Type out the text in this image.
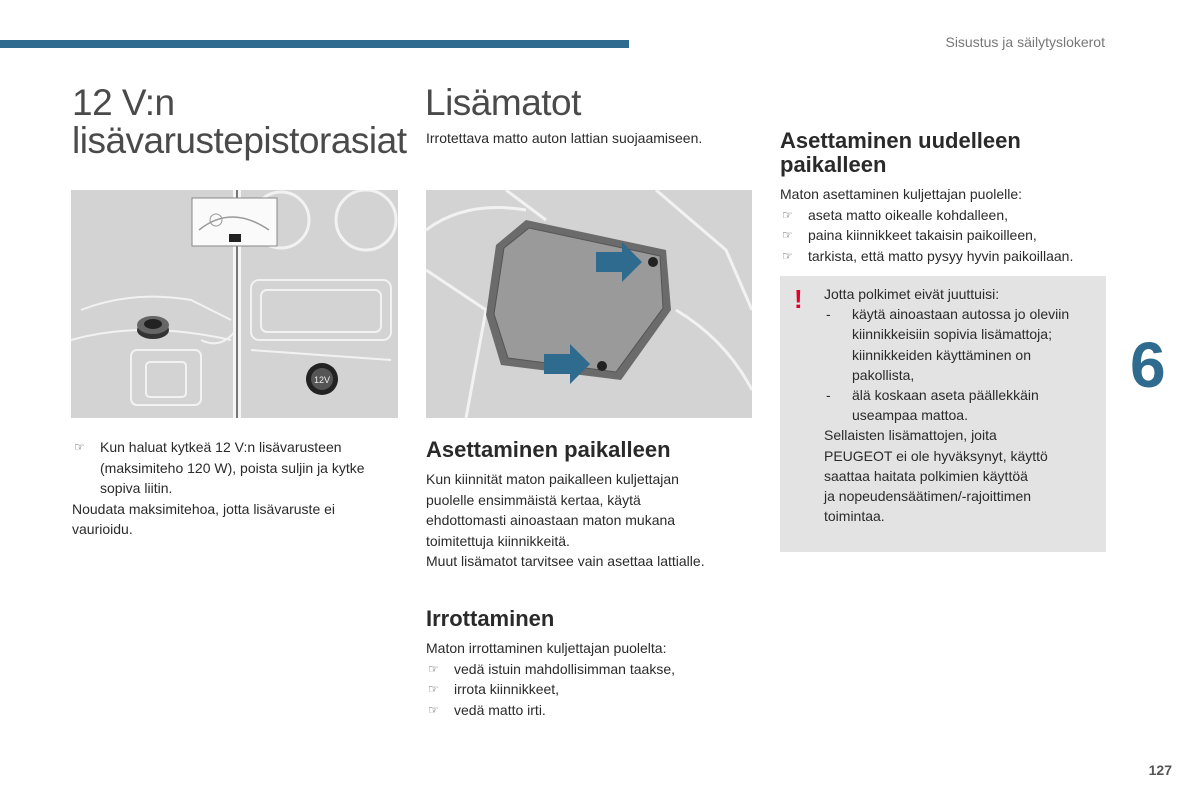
Sisustus ja säilytyslokerot
12 V:n
lisävarustepistorasiat
12V
☞ Kun haluat kytkeä 12 V:n lisävarusteen
(maksimiteho 120 W), poista suljin ja kytke
sopiva liitin.
Noudata maksimitehoa, jotta lisävaruste ei
vaurioidu.
Lisämatot

Irrotettava matto auton lattian suojaamiseen.

Asettaminen paikalleen
Kun kiinnität maton paikalleen kuljettajan
puolelle ensimmäistä kertaa, käytä
ehdottomasti ainoastaan maton mukana
toimitettuja kiinnikkeitä.
Muut lisämatot tarvitsee vain asettaa lattialle.
Irrottaminen
Maton irrottaminen kuljettajan puolelta:
☞ vedä istuin mahdollisimman taakse,
☞ irrota kiinnikkeet,
☞ vedä matto irti.
Asettaminen uudelleen
paikalleen
Maton asettaminen kuljettajan puolelle:
☞ aseta matto oikealle kohdalleen,
☞ paina kiinnikkeet takaisin paikoilleen,
☞ tarkista, että matto pysyy hyvin paikoillaan.
! Jotta polkimet eivät juuttuisi:
- käytä ainoastaan autossa jo oleviin
kiinnikkeisiin sopivia lisämattoja;
kiinnikkeiden käyttäminen on
pakollista,
- älä koskaan aseta päällekkäin
useampaa mattoa.
Sellaisten lisämattojen, joita
PEUGEOT ei ole hyväksynyt, käyttö
saattaa haitata polkimien käyttöä
ja nopeudensäätimen/-rajoittimen
toimintaa.
6
127
